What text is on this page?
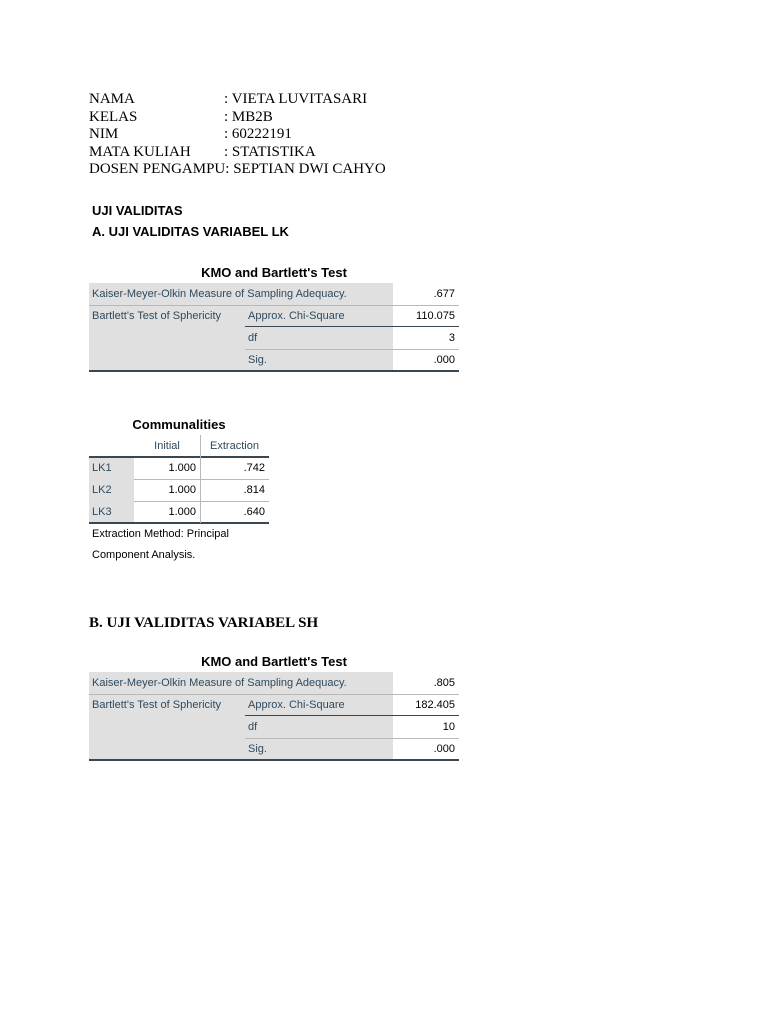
NAMA	: VIETA LUVITASARI
KELAS	: MB2B
NIM	: 60222191
MATA KULIAH	: STATISTIKA
DOSEN PENGAMPU : SEPTIAN DWI CAHYO
UJI VALIDITAS
A. UJI VALIDITAS VARIABEL LK
KMO and Bartlett's Test
Kaiser-Meyer-Olkin Measure of Sampling Adequacy.	.677
Bartlett's Test of Sphericity	Approx. Chi-Square	110.075
df	3
Sig.	.000
Communalities
Initial	Extraction
LK1	1.000	.742
LK2	1.000	.814
LK3	1.000	.640
Extraction Method: Principal
Component Analysis.
B. UJI VALIDITAS VARIABEL SH
KMO and Bartlett's Test
Kaiser-Meyer-Olkin Measure of Sampling Adequacy.	.805
Bartlett's Test of Sphericity	Approx. Chi-Square	182.405
df	10
Sig.	.000
